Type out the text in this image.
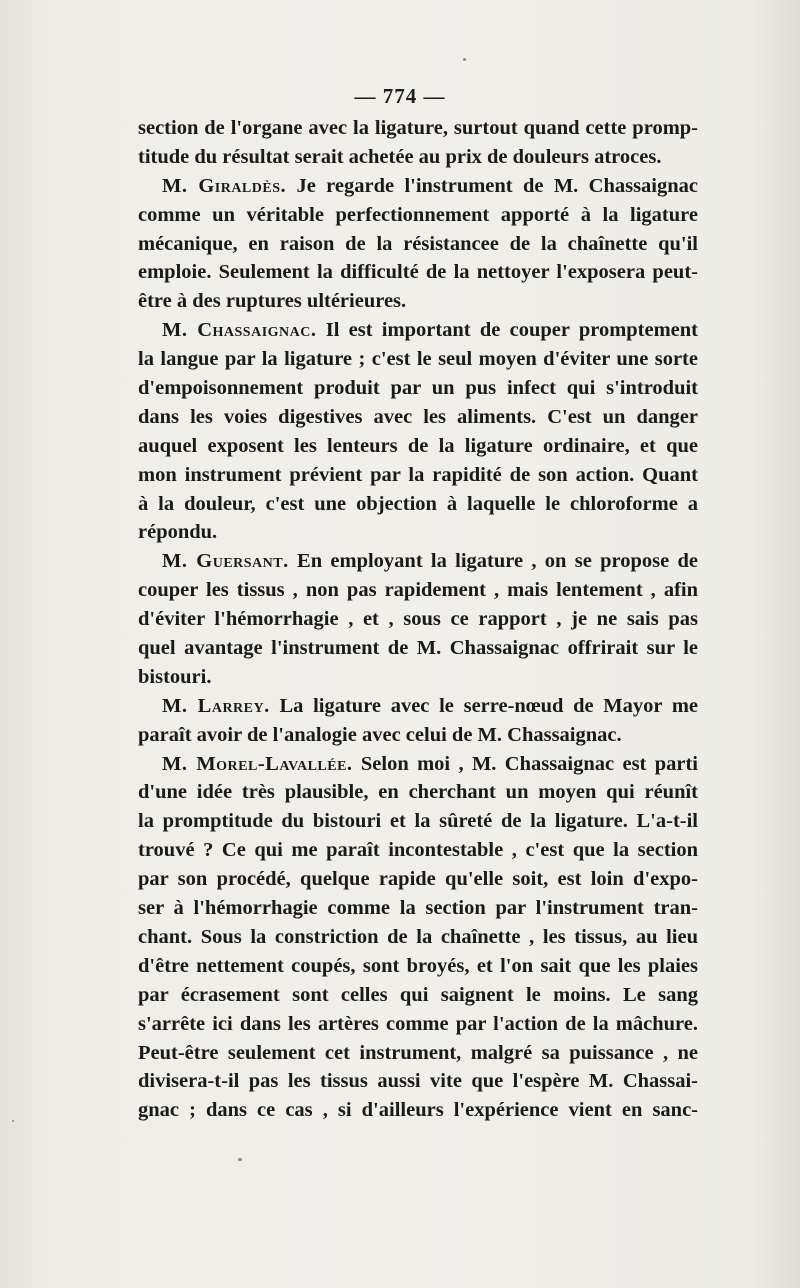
— 774 —
section de l'organe avec la ligature, surtout quand cette promp-
titude du résultat serait achetée au prix de douleurs atroces.
M. Giraldès. Je regarde l'instrument de M. Chassaignac
comme un véritable perfectionnement apporté à la ligature
mécanique, en raison de la résistancee de la chaînette qu'il
emploie. Seulement la difficulté de la nettoyer l'exposera peut-
être à des ruptures ultérieures.
M. Chassaignac. Il est important de couper promptement
la langue par la ligature ; c'est le seul moyen d'éviter une sorte
d'empoisonnement produit par un pus infect qui s'introduit
dans les voies digestives avec les aliments. C'est un danger
auquel exposent les lenteurs de la ligature ordinaire, et que
mon instrument prévient par la rapidité de son action. Quant
à la douleur, c'est une objection à laquelle le chloroforme a
répondu.
M. Guersant. En employant la ligature , on se propose de
couper les tissus , non pas rapidement , mais lentement , afin
d'éviter l'hémorrhagie , et , sous ce rapport , je ne sais pas
quel avantage l'instrument de M. Chassaignac offrirait sur le
bistouri.
M. Larrey. La ligature avec le serre-nœud de Mayor me
paraît avoir de l'analogie avec celui de M. Chassaignac.
M. Morel-Lavallée. Selon moi , M. Chassaignac est parti
d'une idée très plausible, en cherchant un moyen qui réunît
la promptitude du bistouri et la sûreté de la ligature. L'a-t-il
trouvé ? Ce qui me paraît incontestable , c'est que la section
par son procédé, quelque rapide qu'elle soit, est loin d'expo-
ser à l'hémorrhagie comme la section par l'instrument tran-
chant. Sous la constriction de la chaînette , les tissus, au lieu
d'être nettement coupés, sont broyés, et l'on sait que les plaies
par écrasement sont celles qui saignent le moins. Le sang
s'arrête ici dans les artères comme par l'action de la mâchure.
Peut-être seulement cet instrument, malgré sa puissance , ne
divisera-t-il pas les tissus aussi vite que l'espère M. Chassai-
gnac ; dans ce cas , si d'ailleurs l'expérience vient en sanc-
